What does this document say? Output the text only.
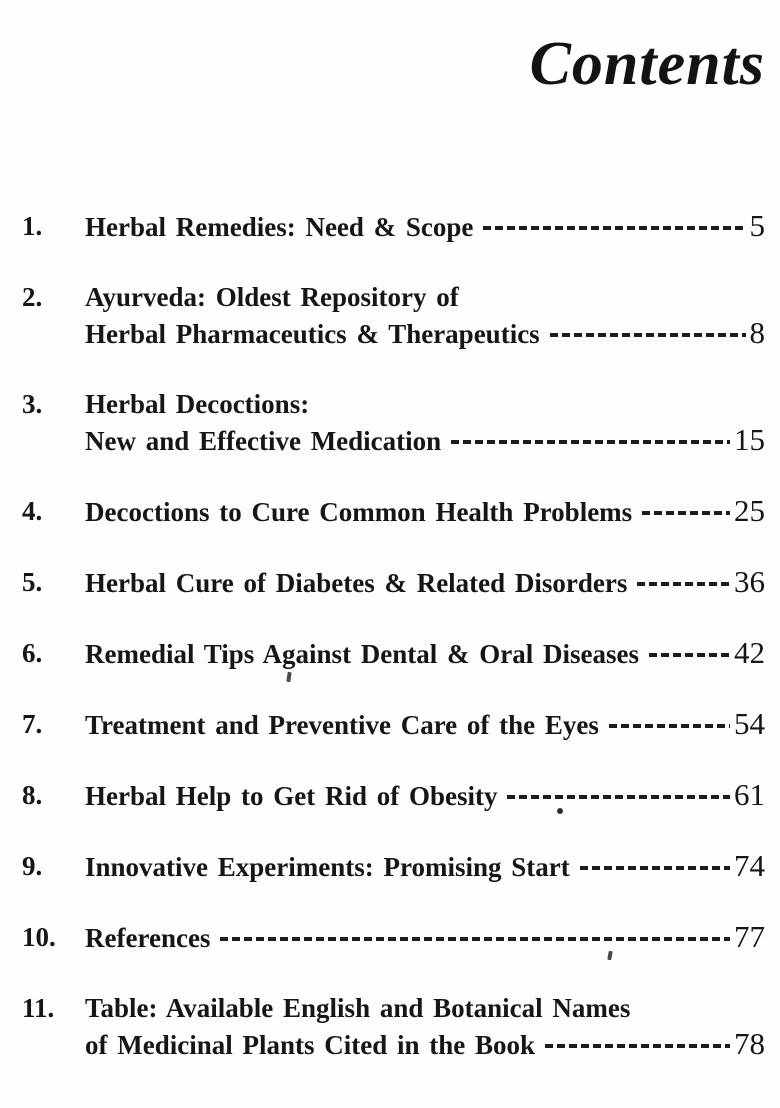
Contents
1.	Herbal Remedies: Need & Scope	5
2.	Ayurveda: Oldest Repository of
Herbal Pharmaceutics & Therapeutics	8
3.	Herbal Decoctions:
New and Effective Medication	15
4.	Decoctions to Cure Common Health Problems	25
5.	Herbal Cure of Diabetes & Related Disorders	36
6.	Remedial Tips Against Dental & Oral Diseases	42
7.	Treatment and Preventive Care of the Eyes	54
8.	Herbal Help to Get Rid of Obesity	61
9.	Innovative Experiments: Promising Start	74
10.	References	77
11.	Table: Available English and Botanical Names
of Medicinal Plants Cited in the Book	78
